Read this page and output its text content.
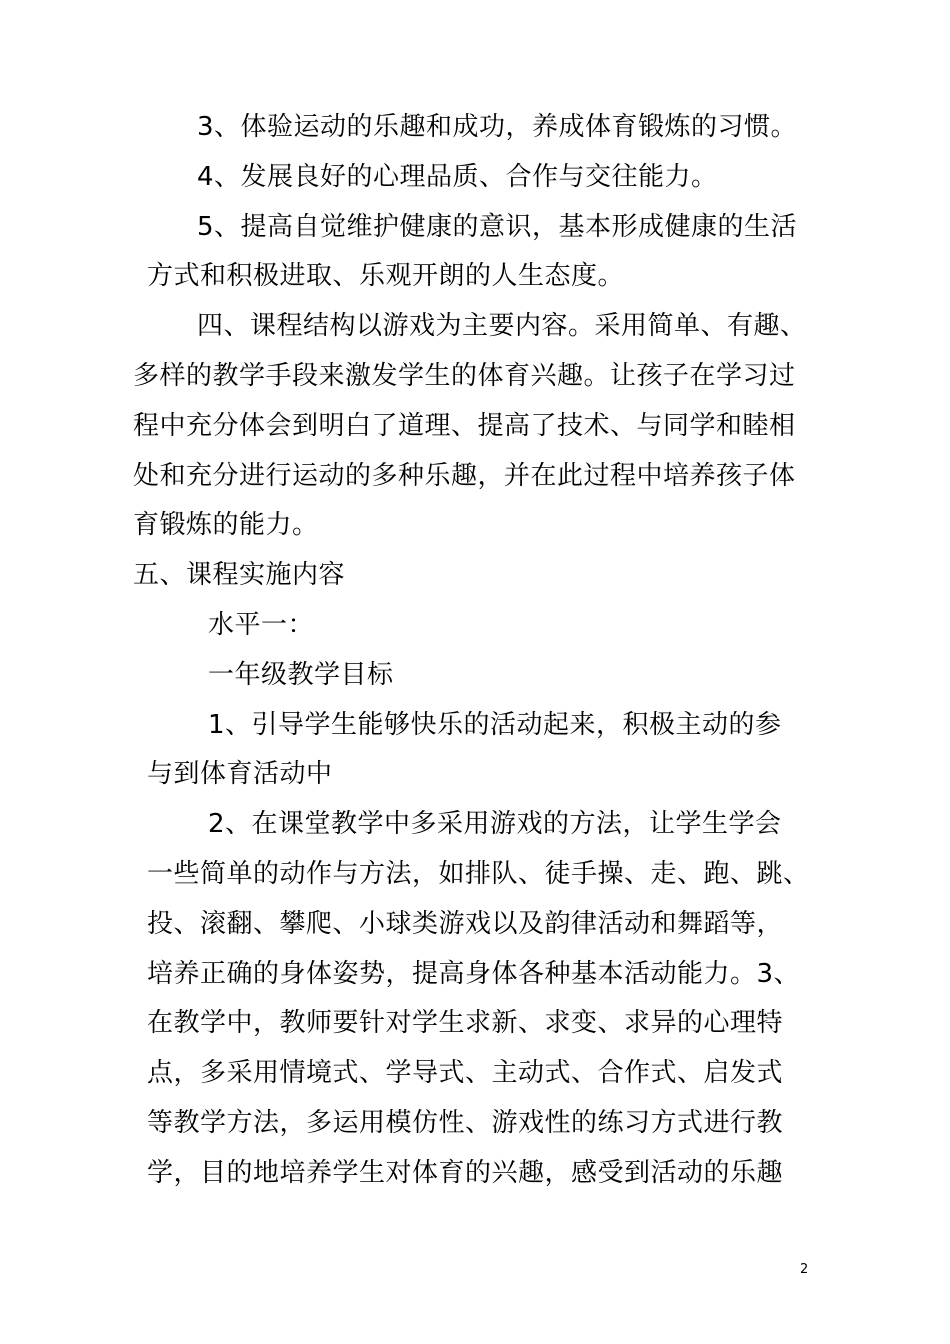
3、体验运动的乐趣和成功，养成体育锻炼的习惯。
4、发展良好的心理品质、合作与交往能力。
5、提高自觉维护健康的意识，基本形成健康的生活
方式和积极进取、乐观开朗的人生态度。
四、课程结构以游戏为主要内容。采用简单、有趣、
多样的教学手段来激发学生的体育兴趣。让孩子在学习过
程中充分体会到明白了道理、提高了技术、与同学和睦相
处和充分进行运动的多种乐趣，并在此过程中培养孩子体
育锻炼的能力。
五、课程实施内容
水平一：
一年级教学目标
1、引导学生能够快乐的活动起来，积极主动的参
与到体育活动中
2、在课堂教学中多采用游戏的方法，让学生学会
一些简单的动作与方法，如排队、徒手操、走、跑、跳、
投、滚翻、攀爬、小球类游戏以及韵律活动和舞蹈等，
培养正确的身体姿势，提高身体各种基本活动能力。3、
在教学中，教师要针对学生求新、求变、求异的心理特
点，多采用情境式、学导式、主动式、合作式、启发式
等教学方法，多运用模仿性、游戏性的练习方式进行教
学，目的地培养学生对体育的兴趣，感受到活动的乐趣
2
